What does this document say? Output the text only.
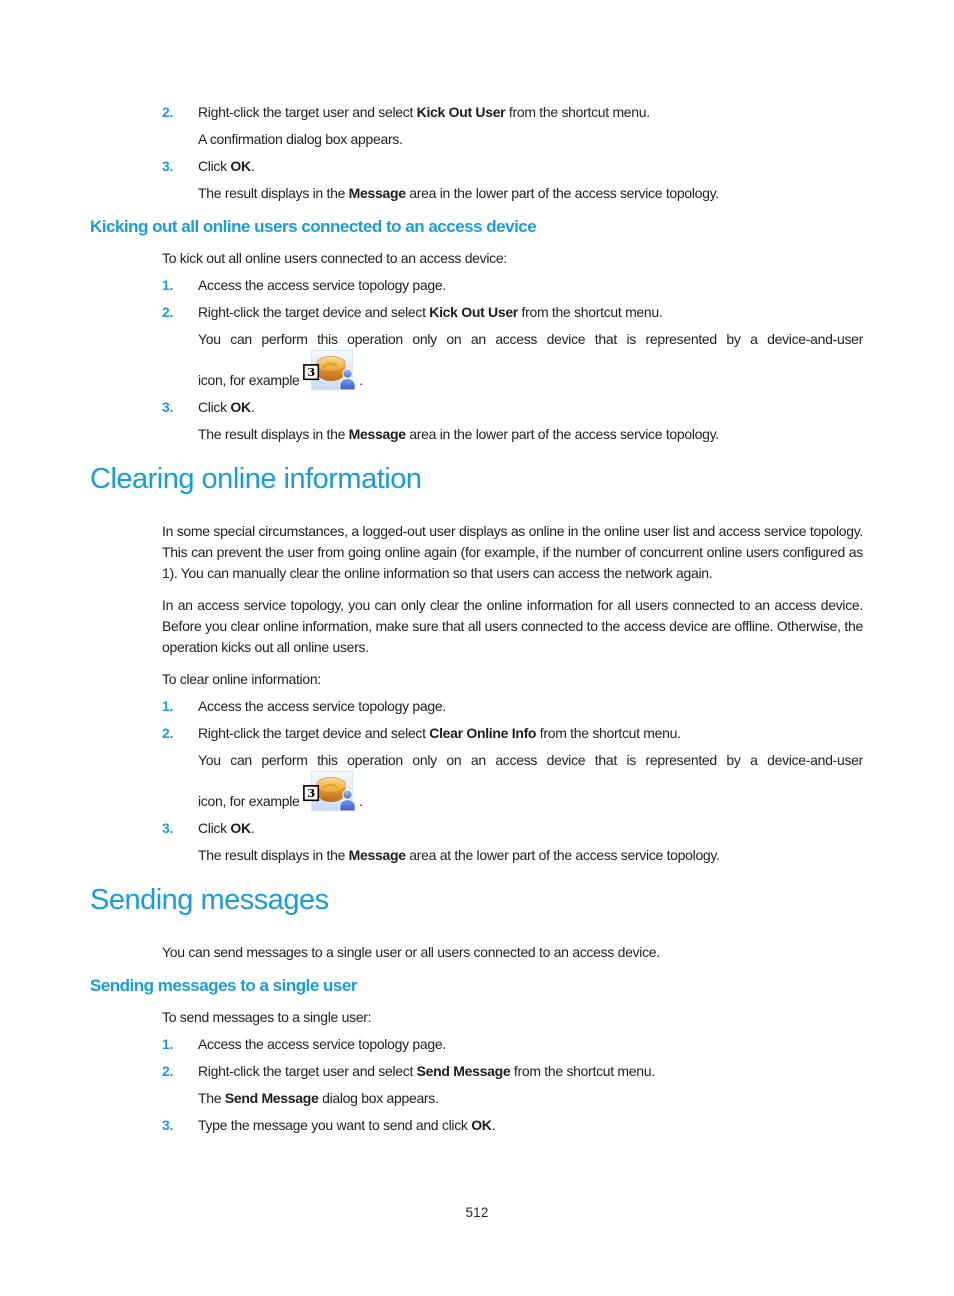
2.	Right-click the target user and select Kick Out User from the shortcut menu.
A confirmation dialog box appears.
3.	Click OK.
The result displays in the Message area in the lower part of the access service topology.
Kicking out all online users connected to an access device
To kick out all online users connected to an access device:
1.	Access the access service topology page.
2.	Right-click the target device and select Kick Out User from the shortcut menu.
You can perform this operation only on an access device that is represented by a device-and-user
icon, for example	.
3.	Click OK.
The result displays in the Message area in the lower part of the access service topology.
Clearing online information
In some special circumstances, a logged-out user displays as online in the online user list and access service topology. This can prevent the user from going online again (for example, if the number of concurrent online users configured as 1). You can manually clear the online information so that users can access the network again.
In an access service topology, you can only clear the online information for all users connected to an access device. Before you clear online information, make sure that all users connected to the access device are offline. Otherwise, the operation kicks out all online users.
To clear online information:
1.	Access the access service topology page.
2.	Right-click the target device and select Clear Online Info from the shortcut menu.
You can perform this operation only on an access device that is represented by a device-and-user
icon, for example	.
3.	Click OK.
The result displays in the Message area at the lower part of the access service topology.
Sending messages
You can send messages to a single user or all users connected to an access device.
Sending messages to a single user
To send messages to a single user:
1.	Access the access service topology page.
2.	Right-click the target user and select Send Message from the shortcut menu.
The Send Message dialog box appears.
3.	Type the message you want to send and click OK.
512
